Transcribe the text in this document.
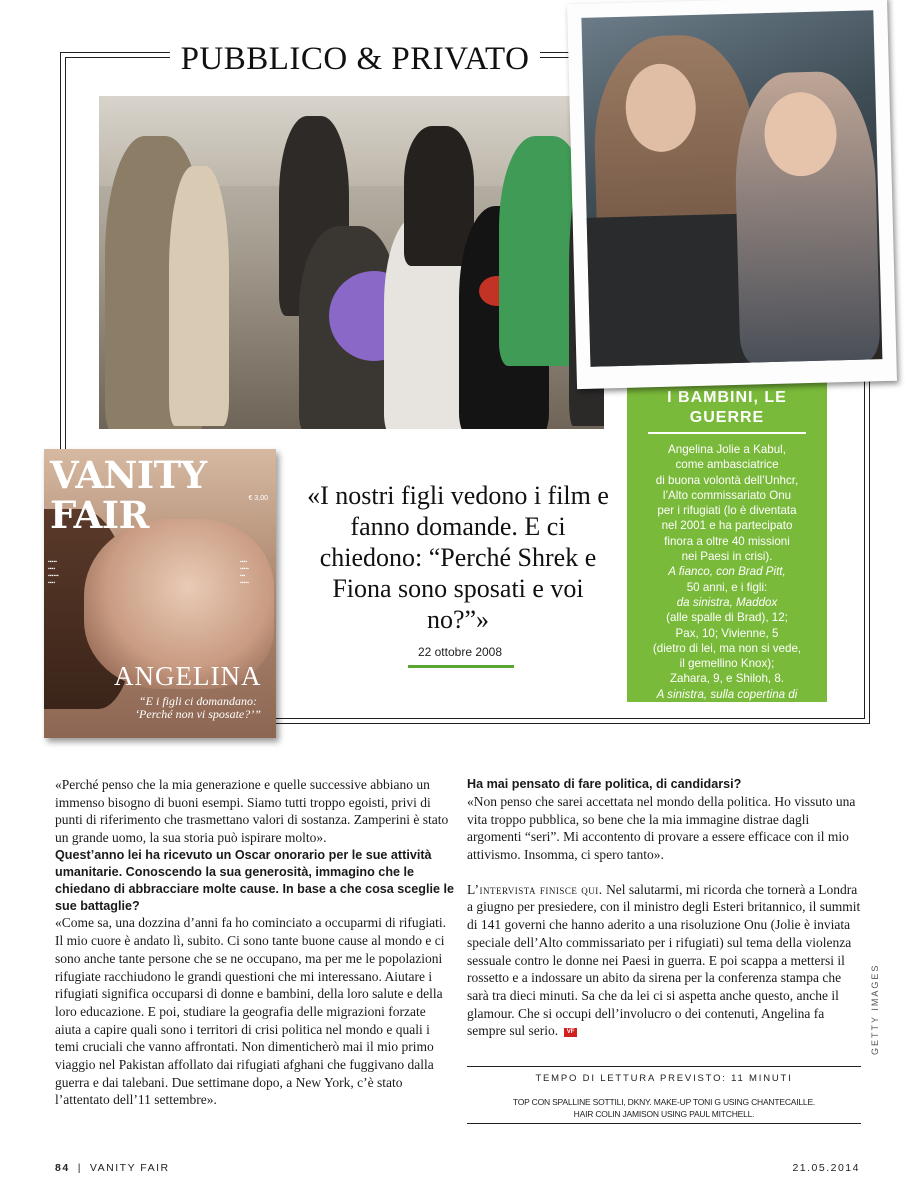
PUBBLICO & PRIVATO
I BAMBINI, LE GUERRE
Angelina Jolie a Kabul,
come ambasciatrice
di buona volontà dell’Unhcr,
l’Alto commissariato Onu
per i rifugiati (lo è diventata
nel 2001 e ha partecipato
finora a oltre 40 missioni
nei Paesi in crisi).
A fianco, con Brad Pitt,
50 anni, e i figli:
da sinistra, Maddox
(alle spalle di Brad), 12;
Pax, 10; Vivienne, 5
(dietro di lei, ma non si vede,
il gemellino Knox);
Zahara, 9, e Shiloh, 8.
A sinistra, sulla copertina di
Vanity Fair n. 42 del 2008.
VANITY FAIR	€ 3,00
▪▪▪▪▪
▪▪▪▪
▪▪▪▪▪▪
▪▪▪▪
▪▪▪▪
▪▪▪▪▪
▪▪▪
▪▪▪▪▪
ANGELINA
“E i figli ci domandano: ‘Perché non vi sposate?’”
«I nostri figli vedono i film e fanno domande. E ci chiedono: “Perché Shrek e Fiona sono sposati e voi no?”»
22 ottobre 2008

«Perché penso che la mia generazione e quelle successive abbiano un immenso bisogno di buoni esempi. Siamo tutti troppo egoisti, privi di punti di riferimento che trasmettano valori di sostanza. Zamperini è stato un grande uomo, la sua storia può ispirare molto».

Quest’anno lei ha ricevuto un Oscar onorario per le sue attività umanitarie. Conoscendo la sua generosità, immagino che le chiedano di abbracciare molte cause. In base a che cosa sceglie le sue battaglie?

«Come sa, una dozzina d’anni fa ho cominciato a occuparmi di rifugiati. Il mio cuore è andato lì, subito. Ci sono tante buone cause al mondo e ci sono anche tante persone che se ne occupano, ma per me le popolazioni rifugiate racchiudono le grandi questioni che mi interessano. Aiutare i rifugiati significa occuparsi di donne e bambini, della loro salute e della loro educazione. E poi, studiare la geografia delle migrazioni forzate aiuta a capire quali sono i territori di crisi politica nel mondo e quali i temi cruciali che vanno affrontati. Non dimenticherò mai il mio primo viaggio nel Pakistan affollato dai rifugiati afghani che fuggivano dalla guerra e dai talebani. Due settimane dopo, a New York, c’è stato l’attentato dell’11 settembre».

Ha mai pensato di fare politica, di candidarsi?

«Non penso che sarei accettata nel mondo della politica. Ho vissuto una vita troppo pubblica, so bene che la mia immagine distrae dagli argomenti “seri”. Mi accontento di provare a essere efficace con il mio attivismo. Insomma, ci spero tanto».

L’intervista finisce qui. Nel salutarmi, mi ricorda che tornerà a Londra a giugno per presiedere, con il ministro degli Esteri britannico, il summit di 141 governi che hanno aderito a una risoluzione Onu (Jolie è inviata speciale dell’Alto commissariato per i rifugiati) sul tema della violenza sessuale contro le donne nei Paesi in guerra. E poi scappa a mettersi il rossetto e a indossare un abito da sirena per la conferenza stampa che sarà tra dieci minuti. Sa che da lei ci si aspetta anche questo, anche il glamour. Che si occupi dell’involucro o dei contenuti, Angelina fa sempre sul serio. VF

TEMPO DI LETTURA PREVISTO: 11 MINUTI
TOP CON SPALLINE SOTTILI, DKNY. MAKE-UP TONI G USING CHANTECAILLE.
HAIR COLIN JAMISON USING PAUL MITCHELL.
GETTY IMAGES
84 | VANITY FAIR	21.05.2014
